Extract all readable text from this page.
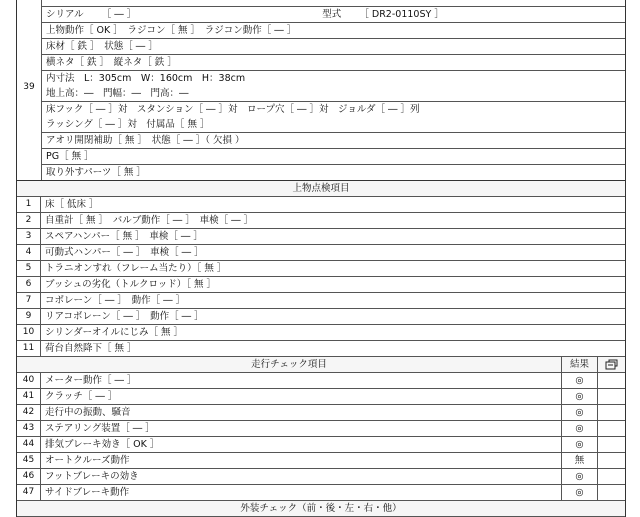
39

シリアル ［ ― ］	型式 ［ DR2-0110SY ］
上物動作［ OK ］　ラジコン［ 無 ］　ラジコン動作［ ― ］
床材［ 鉄 ］　状態［ ― ］
横ネタ［ 鉄 ］　縦ネタ［ 鉄 ］
内寸法　L：305cm　W：160cm　H：38cm
地上高：―　門幅：―　門高：―
床フック［ ― ］対　スタンション［ ― ］対　ロープ穴［ ― ］対　ジョルダ［ ― ］列
ラッシング［ ― ］対　付属品［ 無 ］
アオリ開閉補助［ 無 ］　状態［ ― ］（ 欠損 ）
PG［ 無 ］
取り外すパーツ［ 無 ］
上物点検項目
1	床［ 低床 ］
2	自重計［ 無 ］　バルブ動作［ ― ］　車検［ ― ］
3	スペアハンパー［ 無 ］　車検［ ― ］
4	可動式ハンパー［ ― ］　車検［ ― ］
5	トラニオンすれ（フレーム当たり）［ 無 ］
6	ブッシュの劣化（トルクロッド）［ 無 ］
7	コボレーン［ ― ］　動作［ ― ］
9	リアコボレーン［ ― ］　動作［ ― ］
10	シリンダーオイルにじみ［ 無 ］
11	荷台自然降下［ 無 ］
走行チェック項目	結果
40	メーター動作［ ― ］	◎
41	クラッチ［ ― ］	◎
42	走行中の振動、騒音	◎
43	ステアリング装置［ ― ］	◎
44	排気ブレーキ効き［ OK ］	◎
45	オートクルーズ動作	無
46	フットブレーキの効き	◎
47	サイドブレーキ動作	◎
外装チェック（前・後・左・右・他）
